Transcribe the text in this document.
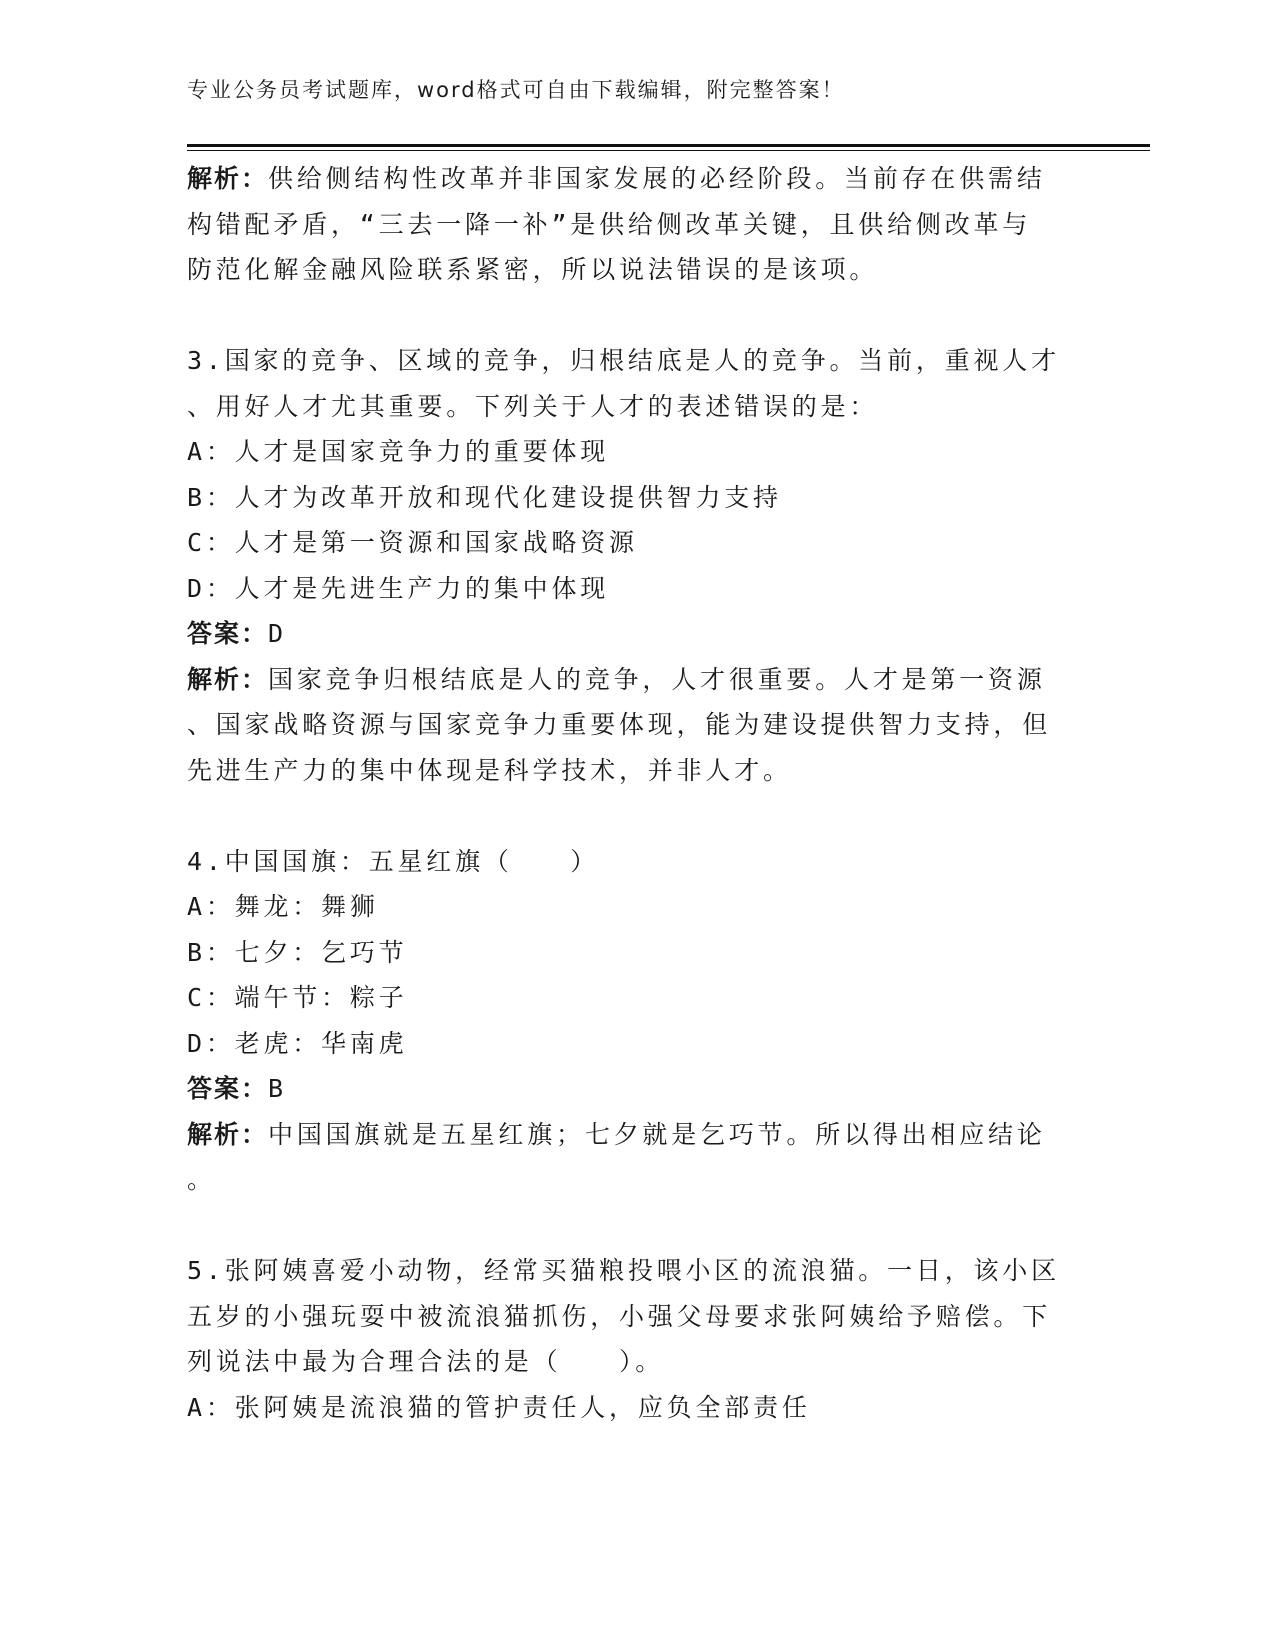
专业公务员考试题库，word格式可自由下载编辑，附完整答案！
解析：供给侧结构性改革并非国家发展的必经阶段。当前存在供需结
构错配矛盾，“三去一降一补”是供给侧改革关键，且供给侧改革与
防范化解金融风险联系紧密，所以说法错误的是该项。
3.国家的竞争、区域的竞争，归根结底是人的竞争。当前，重视人才
、用好人才尤其重要。下列关于人才的表述错误的是：
A：人才是国家竞争力的重要体现
B：人才为改革开放和现代化建设提供智力支持
C：人才是第一资源和国家战略资源
D：人才是先进生产力的集中体现
答案：D
解析：国家竞争归根结底是人的竞争，人才很重要。人才是第一资源
、国家战略资源与国家竞争力重要体现，能为建设提供智力支持，但
先进生产力的集中体现是科学技术，并非人才。
4.中国国旗：五星红旗（　　）
A：舞龙：舞狮
B：七夕：乞巧节
C：端午节：粽子
D：老虎：华南虎
答案：B
解析：中国国旗就是五星红旗；七夕就是乞巧节。所以得出相应结论
。
5.张阿姨喜爱小动物，经常买猫粮投喂小区的流浪猫。一日，该小区
五岁的小强玩耍中被流浪猫抓伤，小强父母要求张阿姨给予赔偿。下
列说法中最为合理合法的是（　　）。
A：张阿姨是流浪猫的管护责任人，应负全部责任
